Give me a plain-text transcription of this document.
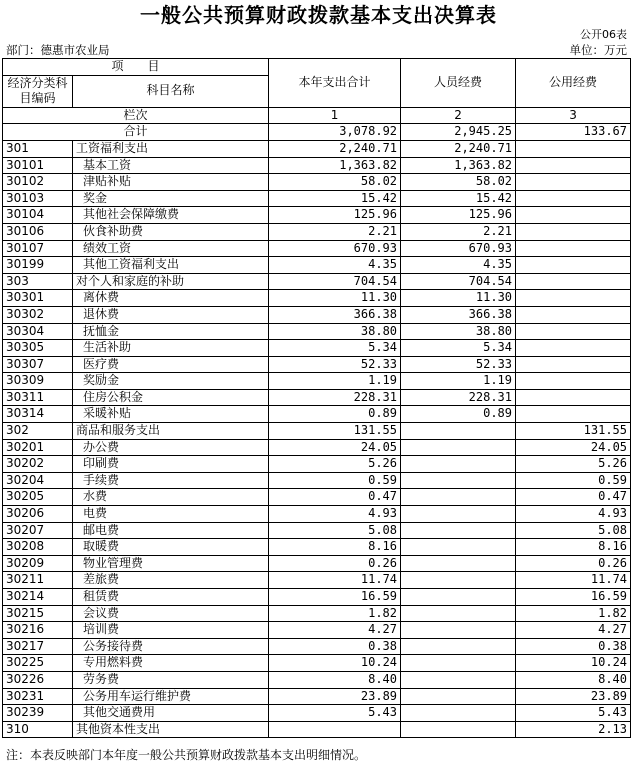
一般公共预算财政拨款基本支出决算表
公开06表
部门：德惠市农业局	单位：万元
项　　目		本年支出合计	人员经费	公用经费
经济分类科目编码	科目名称			
栏次		1	2	3
合计		3,078.92	2,945.25	133.67
301	工资福利支出	2,240.71	2,240.71	
30101	基本工资	1,363.82	1,363.82	
30102	津贴补贴	58.02	58.02	
30103	奖金	15.42	15.42	
30104	其他社会保障缴费	125.96	125.96	
30106	伙食补助费	2.21	2.21	
30107	绩效工资	670.93	670.93	
30199	其他工资福利支出	4.35	4.35	
303	对个人和家庭的补助	704.54	704.54	
30301	离休费	11.30	11.30	
30302	退休费	366.38	366.38	
30304	抚恤金	38.80	38.80	
30305	生活补助	5.34	5.34	
30307	医疗费	52.33	52.33	
30309	奖励金	1.19	1.19	
30311	住房公积金	228.31	228.31	
30314	采暖补贴	0.89	0.89	
302	商品和服务支出	131.55		131.55
30201	办公费	24.05		24.05
30202	印刷费	5.26		5.26
30204	手续费	0.59		0.59
30205	水费	0.47		0.47
30206	电费	4.93		4.93
30207	邮电费	5.08		5.08
30208	取暖费	8.16		8.16
30209	物业管理费	0.26		0.26
30211	差旅费	11.74		11.74
30214	租赁费	16.59		16.59
30215	会议费	1.82		1.82
30216	培训费	4.27		4.27
30217	公务接待费	0.38		0.38
30225	专用燃料费	10.24		10.24
30226	劳务费	8.40		8.40
30231	公务用车运行维护费	23.89		23.89
30239	其他交通费用	5.43		5.43
310	其他资本性支出			2.13
注：本表反映部门本年度一般公共预算财政拨款基本支出明细情况。
